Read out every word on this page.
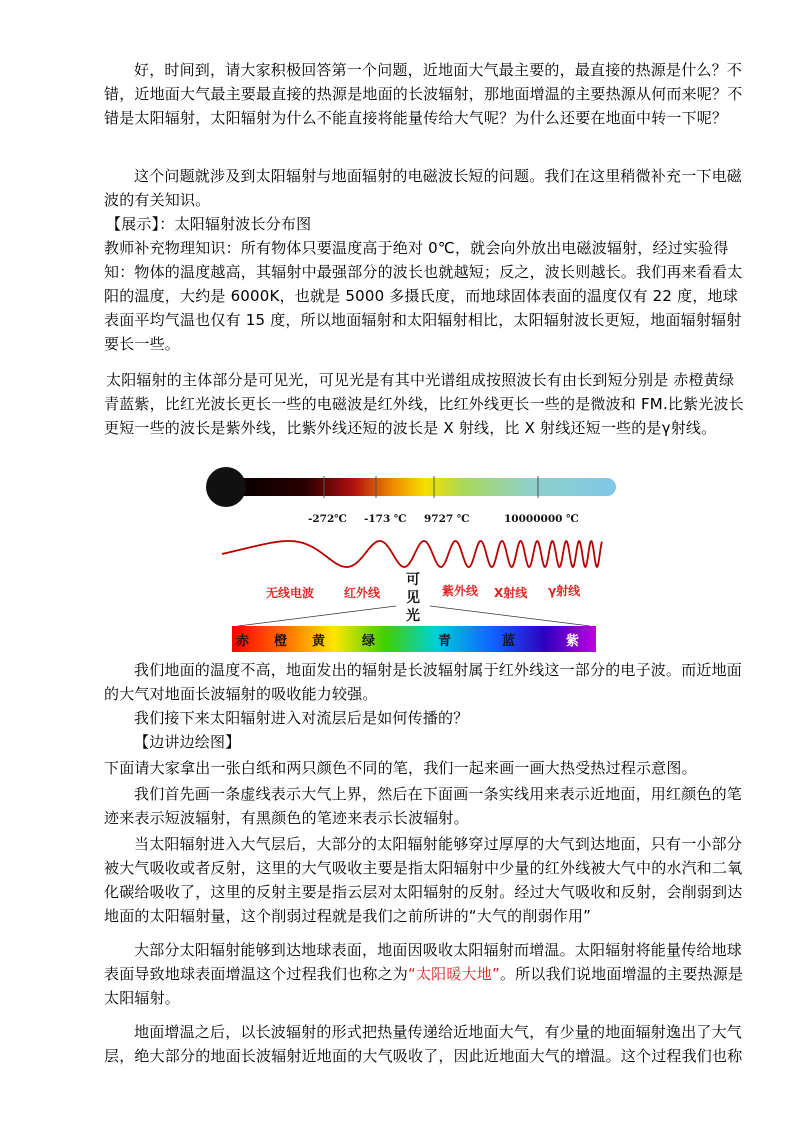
好，时间到，请大家积极回答第一个问题，近地面大气最主要的，最直接的热源是什么？不错，近地面大气最主要最直接的热源是地面的长波辐射，那地面增温的主要热源从何而来呢？不错是太阳辐射，太阳辐射为什么不能直接将能量传给大气呢？为什么还要在地面中转一下呢？

这个问题就涉及到太阳辐射与地面辐射的电磁波长短的问题。我们在这里稍微补充一下电磁波的有关知识。

【展示】：太阳辐射波长分布图

教师补充物理知识：所有物体只要温度高于绝对 0℃，就会向外放出电磁波辐射，经过实验得知：物体的温度越高，其辐射中最强部分的波长也就越短；反之，波长则越长。我们再来看看太阳的温度，大约是 6000K，也就是 5000 多摄氏度，而地球固体表面的温度仅有 22 度，地球表面平均气温也仅有 15 度，所以地面辐射和太阳辐射相比，太阳辐射波长更短，地面辐射辐射要长一些。

太阳辐射的主体部分是可见光，可见光是有其中光谱组成按照波长有由长到短分别是 赤橙黄绿青蓝紫，比红光波长更长一些的电磁波是红外线，比红外线更长一些的是微波和 FM.比紫光波长更短一些的波长是紫外线，比紫外线还短的波长是 X 射线，比 X 射线还短一些的是γ射线。

-272℃ -173 ℃ 9727 ℃	10000000 ℃
无线电波 红外线
可
见
光
紫外线 X射线 γ射线
赤 橙 黄	绿	青	蓝	紫

我们地面的温度不高，地面发出的辐射是长波辐射属于红外线这一部分的电子波。而近地面的大气对地面长波辐射的吸收能力较强。

我们接下来太阳辐射进入对流层后是如何传播的？

【边讲边绘图】

下面请大家拿出一张白纸和两只颜色不同的笔，我们一起来画一画大热受热过程示意图。

我们首先画一条虚线表示大气上界，然后在下面画一条实线用来表示近地面，用红颜色的笔迹来表示短波辐射，有黑颜色的笔迹来表示长波辐射。

当太阳辐射进入大气层后，大部分的太阳辐射能够穿过厚厚的大气到达地面，只有一小部分被大气吸收或者反射，这里的大气吸收主要是指太阳辐射中少量的红外线被大气中的水汽和二氧化碳给吸收了，这里的反射主要是指云层对太阳辐射的反射。经过大气吸收和反射，会削弱到达地面的太阳辐射量，这个削弱过程就是我们之前所讲的“大气的削弱作用”

大部分太阳辐射能够到达地球表面，地面因吸收太阳辐射而增温。太阳辐射将能量传给地球表面导致地球表面增温这个过程我们也称之为“太阳暖大地”。所以我们说地面增温的主要热源是太阳辐射。

地面增温之后，以长波辐射的形式把热量传递给近地面大气，有少量的地面辐射逸出了大气层，绝大部分的地面长波辐射近地面的大气吸收了，因此近地面大气的增温。这个过程我们也称
